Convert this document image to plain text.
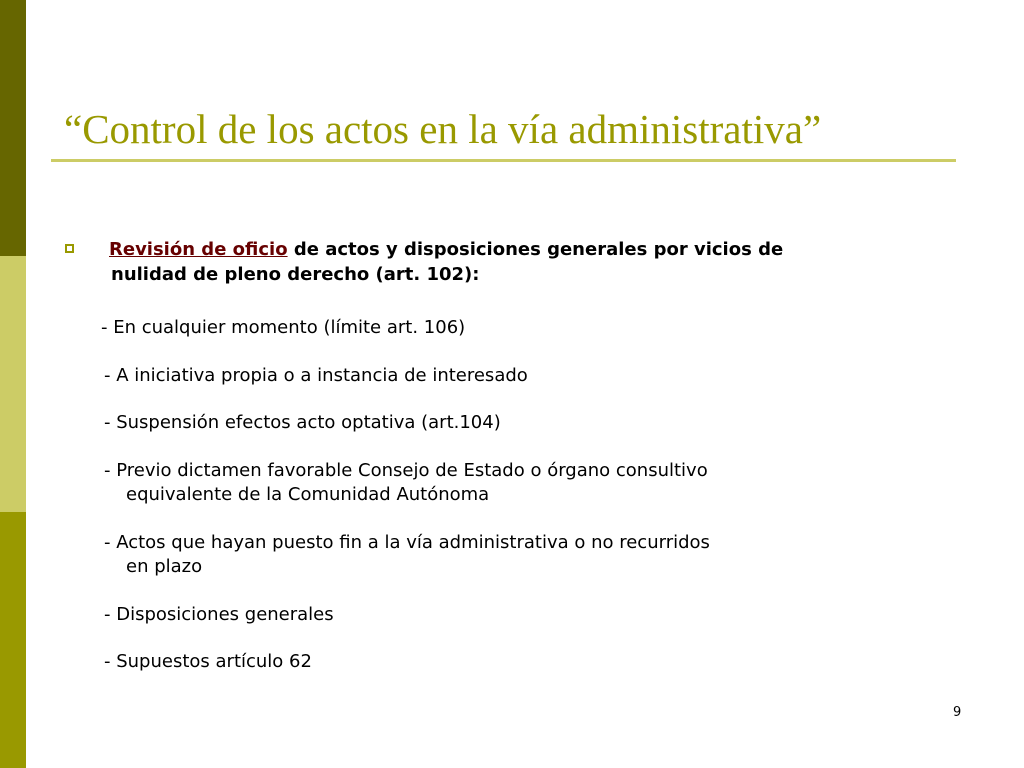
“Control de los actos en la vía administrativa”

Revisión de oficio de actos y disposiciones generales por vicios de
nulidad de pleno derecho (art. 102):

- En cualquier momento (límite art. 106)

- A iniciativa propia o a instancia de interesado

- Suspensión efectos acto optativa (art.104)

- Previo dictamen favorable Consejo de Estado o órgano consultivo
equivalente de la Comunidad Autónoma

- Actos que hayan puesto fin a la vía administrativa o no recurridos
en plazo

- Disposiciones generales

- Supuestos artículo 62

9
